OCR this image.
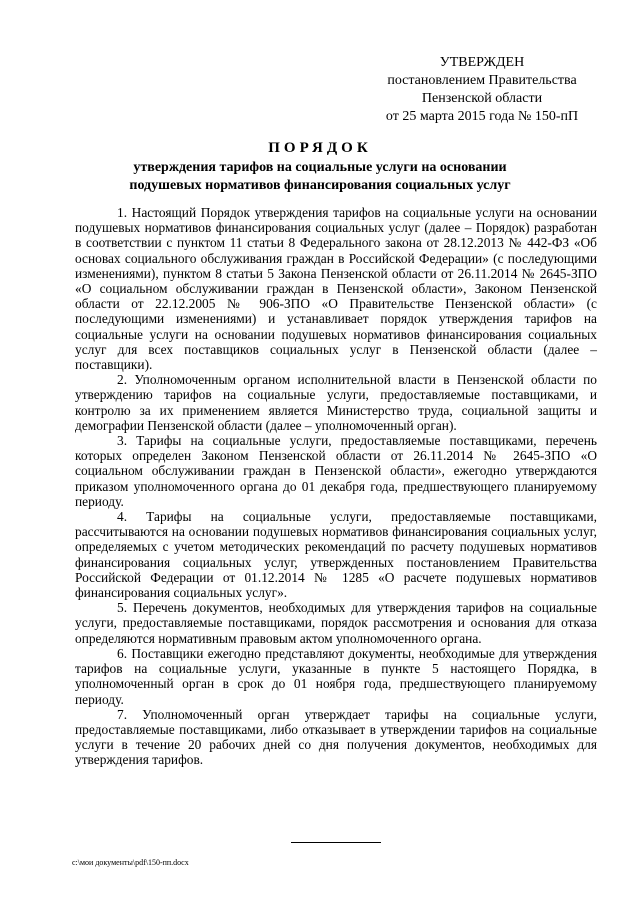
УТВЕРЖДЕН
постановлением Правительства
Пензенской области
от 25 марта 2015 года № 150-пП
ПОРЯДОК
утверждения тарифов на социальные услуги на основании
подушевых нормативов финансирования социальных услуг

1. Настоящий Порядок утверждения тарифов на социальные услуги на основании подушевых нормативов финансирования социальных услуг (далее – Порядок) разработан в соответствии с пунктом 11 статьи 8 Федерального закона от 28.12.2013 № 442-ФЗ «Об основах социального обслуживания граждан в Российской Федерации» (с последующими изменениями), пунктом 8 статьи 5 Закона Пензенской области от 26.11.2014 № 2645-ЗПО «О социальном обслуживании граждан в Пензенской области», Законом Пензенской области от 22.12.2005 № 906-ЗПО «О Правительстве Пензенской области» (с последующими изменениями) и устанавливает порядок утверждения тарифов на социальные услуги на основании подушевых нормативов финансирования социальных услуг для всех поставщиков социальных услуг в Пензенской области (далее – поставщики).

2. Уполномоченным органом исполнительной власти в Пензенской области по утверждению тарифов на социальные услуги, предоставляемые поставщиками, и контролю за их применением является Министерство труда, социальной защиты и демографии Пензенской области (далее – уполномоченный орган).

3. Тарифы на социальные услуги, предоставляемые поставщиками, перечень которых определен Законом Пензенской области от 26.11.2014 № 2645-ЗПО «О социальном обслуживании граждан в Пензенской области», ежегодно утверждаются приказом уполномоченного органа до 01 декабря года, предшествующего планируемому периоду.

4. Тарифы на социальные услуги, предоставляемые поставщиками, рассчитываются на основании подушевых нормативов финансирования социальных услуг, определяемых с учетом методических рекомендаций по расчету подушевых нормативов финансирования социальных услуг, утвержденных постановлением Правительства Российской Федерации от 01.12.2014 № 1285 «О расчете подушевых нормативов финансирования социальных услуг».

5. Перечень документов, необходимых для утверждения тарифов на социальные услуги, предоставляемые поставщиками, порядок рассмотрения и основания для отказа определяются нормативным правовым актом уполномоченного органа.

6. Поставщики ежегодно представляют документы, необходимые для утверждения тарифов на социальные услуги, указанные в пункте 5 настоящего Порядка, в уполномоченный орган в срок до 01 ноября года, предшествующего планируемому периоду.

7. Уполномоченный орган утверждает тарифы на социальные услуги, предоставляемые поставщиками, либо отказывает в утверждении тарифов на социальные услуги в течение 20 рабочих дней со дня получения документов, необходимых для утверждения тарифов.

c:\мои документы\pdf\150-пп.docx
